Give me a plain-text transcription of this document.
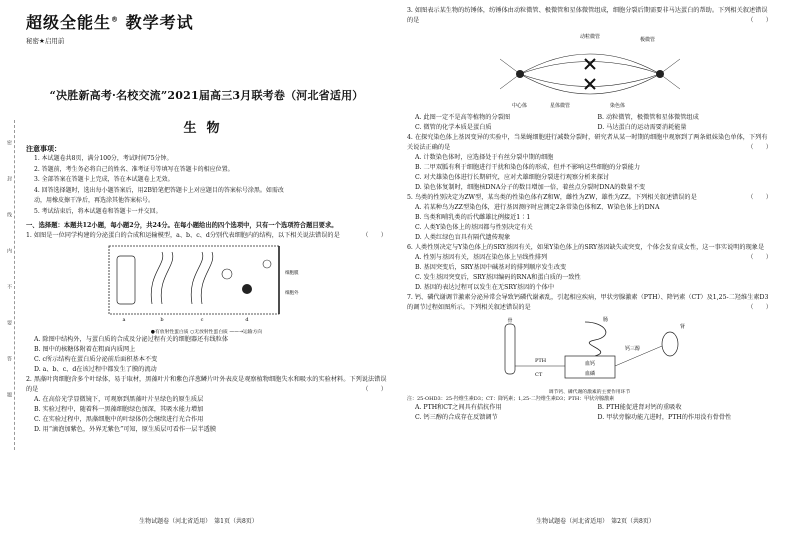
超级全能生® 教学考试
秘密★启用前
“决胜新高考·名校交流”2021届高三3月联考卷（河北省适用）
生物
注意事项：

1. 本试题卷共8页，满分100分，考试时间75分钟。

2. 答题前，考生务必将自己的姓名、准考证号等填写在答题卡的相应位置。

3. 全部答案在答题卡上完成，答在本试题卷上无效。

4. 回答选择题时，选出每小题答案后，用2B铅笔把答题卡上对应题目的答案标号涂黑。如需改

动，用橡皮擦干净后，再选涂其他答案标号。

5. 考试结束后，将本试题卷和答题卡一并交回。

一、选择题：本题共12小题，每小题2分，共24分。在每小题给出的四个选项中，只有一个选项符合题目要求。

1. 如图是一位同学构建的分泌蛋白的合成和运输模型，a、b、c、d分别代表细胞内的结构，以下相关说法错误的是	（　　）

a	b	c	d
细胞膜
细胞外
●有放射性蛋白质 ○无放射性蛋白质 ——→运输方向

A. 除图中结构外，与蛋白质的合成及分泌过程有关的细胞器还有线粒体

B. 图中的核糖体附着在粗面内质网上

C. c所示结构在蛋白质分泌前后面积基本不变

D. a、b、c、d在该过程中都发生了膜的流动

2. 黑藻叶肉细胞含多个叶绿体，易于取材，黑藻叶片和紫色洋葱鳞片叶外表皮是观察植物细胞失水和吸水的实验材料。下列说法错误的是	（　　）

A. 在高倍光学显微镜下，可观察到黑藻叶片呈绿色的原生质层

B. 实验过程中，随着科一黑藻细胞绿色加深，其吸水能力增加

C. 在实验过程中，黑藻细胞中的叶绿体仍会继续进行光合作用

D. 用“滴泡加紫色，外界无紫色”可知，原生质层可看作一层半透膜

生物试题卷（河北省适用）　第1页（共8页）
密
封
线
内
不
要
答
题

3. 如图表示某生物的纺锤体，纺锤体由动粒微管、极微管和星体微管组成，细胞分裂后期需要非马达蛋白的帮助。下列相关叙述错误的是	（　　）

动粒微管	极微管
中心体	星体微管	染色体
A. 此图一定不是高等植物的分裂图	B. 动粒微管，极微管和星体微管组成
C. 微管的化学本质是蛋白质	D. 马达蛋白的运动需要消耗能量

4. 在探究染色体上基因变异的实验中，当果蝇细胞进行减数分裂时，研究者从某一时期的细胞中观察到了两条姐妹染色单体，下列有关说法正确的是	（　　）

A. 计数染色体时，应选择处于有丝分裂中期的细胞

B. 二甲双胍有利于细胞进行干扰和染色体的形成，但并不影响这些细胞的分裂能力

C. 对犬雄染色体进行长期研究，应对犬雄细胞分裂进行观察分析来探讨

D. 染色体复制时，细胞核DNA分子的数目增加一倍，着丝点分裂时DNA的数量不变

5. 鸟类的性别决定为ZW型，某鸟类的性染色体有Z和W，雌性为ZW，雄性为ZZ。下列相关叙述错误的是	（　　）

A. 若某种鸟为ZZ型染色体，进行基因测序时应测定2条常染色体和Z、W染色体上的DNA

B. 鸟类和哺乳类的后代雌雄比例接近1∶1

C. 人类Y染色体上的基因都与性别决定有关

D. 人类红绿色盲具有隔代遗传现象

6. 人类性别决定与Y染色体上的SRY基因有关，如果Y染色体上的SRY基因缺失或突变，个体会发育成女性，这一事实说明的现象是
（　　）

A. 性别与基因有关，基因在染色体上呈线性排列

B. 基因突变后，SRY基因中碱基对的排列顺序发生改变

C. 发生基因突变后，SRY基因编码的RNA和蛋白质的一致性

D. 基因的表达过程可以发生在无SRY基因的个体中

7. 钙、磷代谢调节激素分泌异常会导致钙磷代谢紊乱，引起相应疾病，甲状旁腺激素（PTH）、降钙素（CT）及1,25-二羟维生素D3的调节过程如图所示。下列相关叙述错误的是	（　　）

骨	肠
肾
PTH
CT
血钙
血磷
钙三醇
调节钙、磷代谢的激素的主要作用环节

注：25-OHD3：25-羟维生素D3；CT：降钙素；1,25-二羟维生素D3；PTH：甲状旁腺激素

A. PTH和CT之间具有拮抗作用	B. PTH能促进肾对钙的重吸收
C. 钙三醇的合成存在反馈调节	D. 甲状旁腺功能亢进时，PTH的作用没有骨骨性
生物试题卷（河北省适用）　第2页（共8页）
